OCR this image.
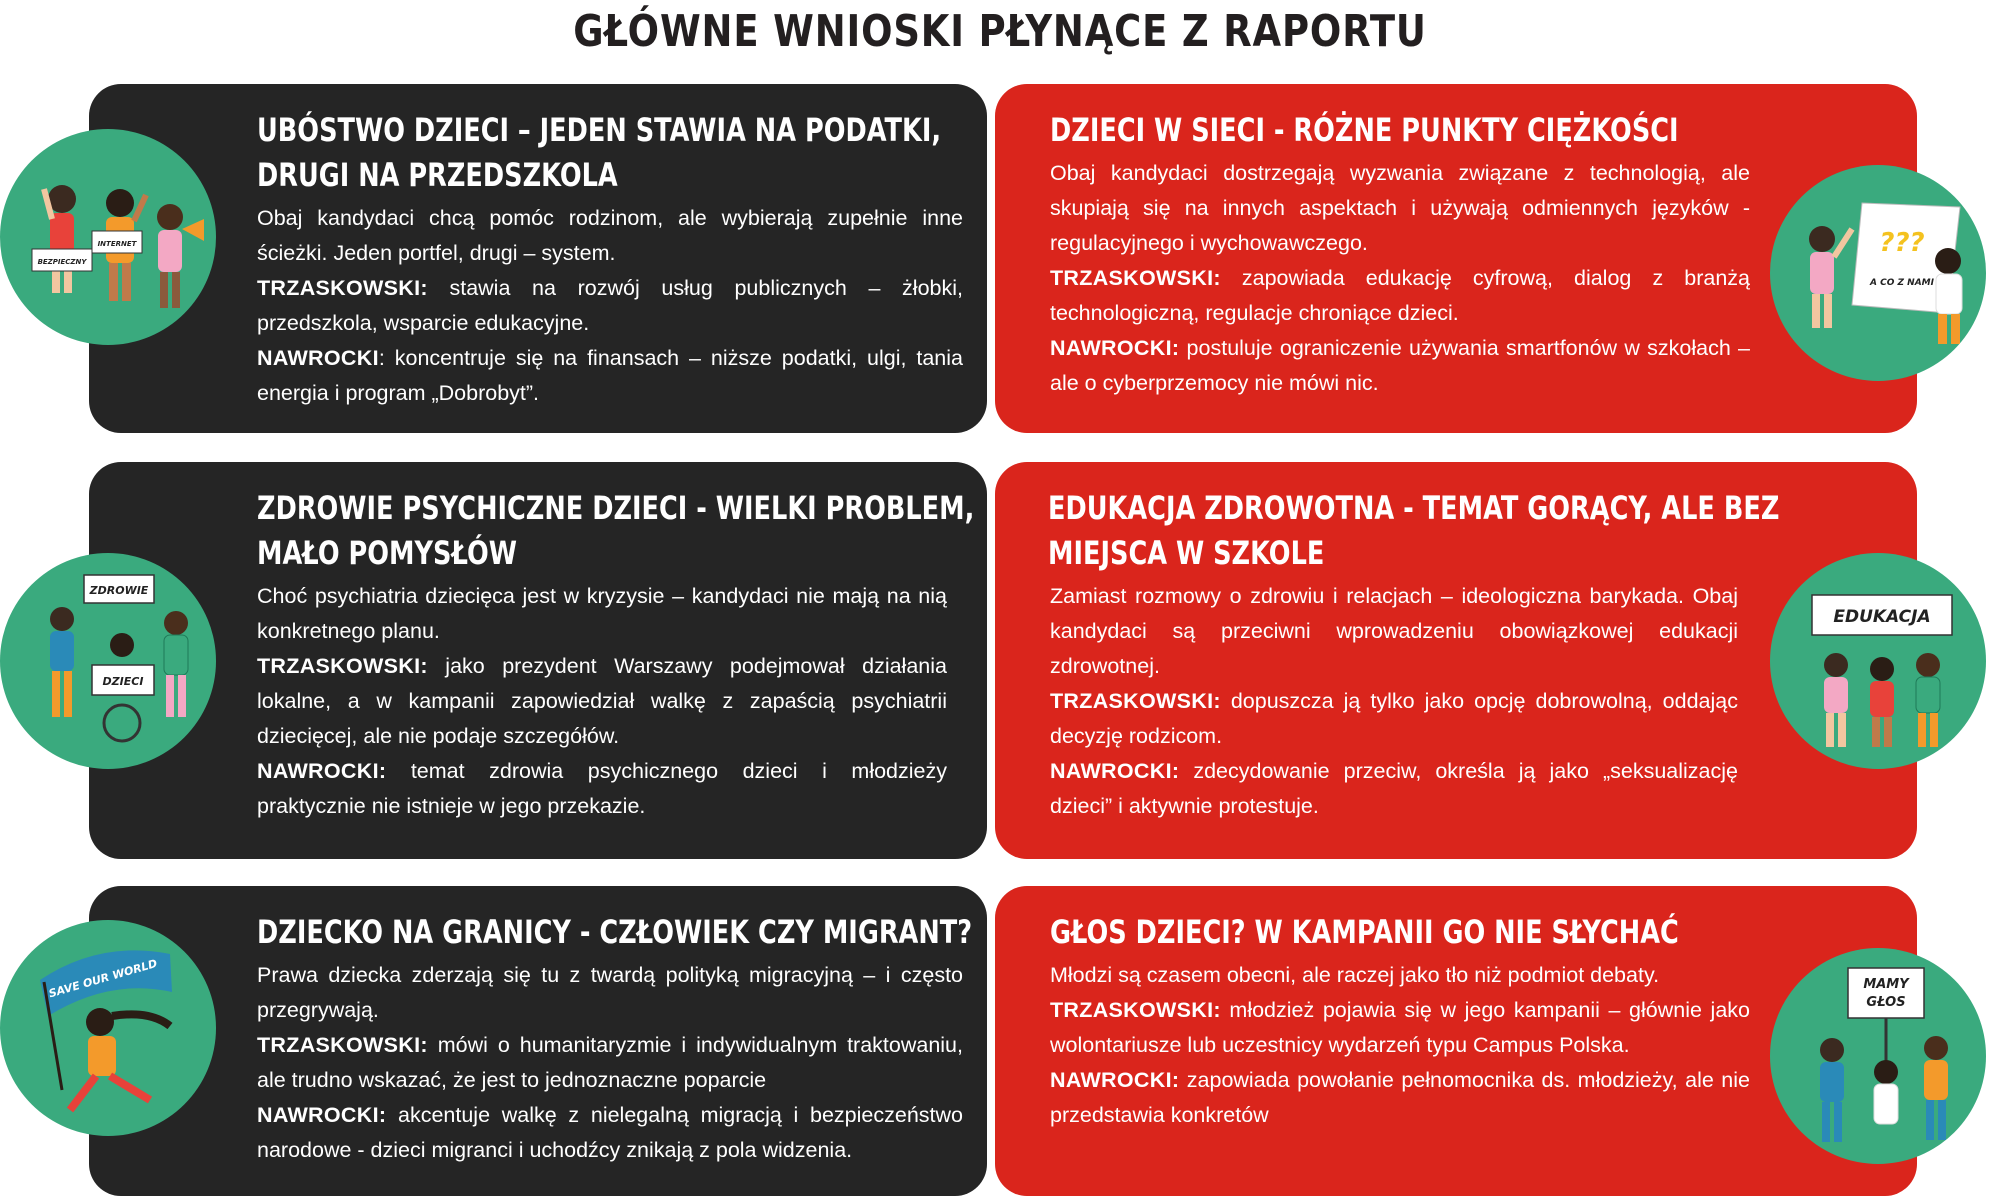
GŁÓWNE WNIOSKI PŁYNĄCE Z RAPORTU
UBÓSTWO DZIECI – JEDEN STAWIA NA PODATKI,
DRUGI NA PRZEDSZKOLA

Obaj kandydaci chcą pomóc rodzinom, ale wybierają zupełnie inne ścieżki. Jeden portfel, drugi – system.

TRZASKOWSKI: stawia na rozwój usług publicznych – żłobki, przedszkola, wsparcie edukacyjne.

NAWROCKI: koncentruje się na finansach – niższe podatki, ulgi, tania energia i program „Dobrobyt”.

DZIECI W SIECI - RÓŻNE PUNKTY CIĘŻKOŚCI

Obaj kandydaci dostrzegają wyzwania związane z technologią, ale skupiają się na innych aspektach i używają odmiennych języków - regulacyjnego i wychowawczego.

TRZASKOWSKI: zapowiada edukację cyfrową, dialog z branżą technologiczną, regulacje chroniące dzieci.

NAWROCKI: postuluje ograniczenie używania smartfonów w szkołach – ale o cyberprzemocy nie mówi nic.

ZDROWIE PSYCHICZNE DZIECI - WIELKI PROBLEM,
MAŁO POMYSŁÓW

Choć psychiatria dziecięca jest w kryzysie – kandydaci nie mają na nią konkretnego planu.

TRZASKOWSKI: jako prezydent Warszawy podejmował działania lokalne, a w kampanii zapowiedział walkę z zapaścią psychiatrii dziecięcej, ale nie podaje szczegółów.

NAWROCKI: temat zdrowia psychicznego dzieci i młodzieży praktycznie nie istnieje w jego przekazie.

EDUKACJA ZDROWOTNA - TEMAT GORĄCY, ALE BEZ
MIEJSCA W SZKOLE

Zamiast rozmowy o zdrowiu i relacjach – ideologiczna barykada. Obaj kandydaci są przeciwni wprowadzeniu obowiązkowej edukacji zdrowotnej.

TRZASKOWSKI: dopuszcza ją tylko jako opcję dobrowolną, oddając decyzję rodzicom.

NAWROCKI: zdecydowanie przeciw, określa ją jako „seksualizację dzieci” i aktywnie protestuje.

DZIECKO NA GRANICY - CZŁOWIEK CZY MIGRANT?

Prawa dziecka zderzają się tu z twardą polityką migracyjną – i często przegrywają.

TRZASKOWSKI: mówi o humanitaryzmie i indywidualnym traktowaniu, ale trudno wskazać, że jest to jednoznaczne poparcie

NAWROCKI: akcentuje walkę z nielegalną migracją i bezpieczeństwo narodowe - dzieci migranci i uchodźcy znikają z pola widzenia.

GŁOS DZIECI? W KAMPANII GO NIE SŁYCHAĆ

Młodzi są czasem obecni, ale raczej jako tło niż podmiot debaty.

TRZASKOWSKI: młodzież pojawia się w jego kampanii – głównie jako wolontariusze lub uczestnicy wydarzeń typu Campus Polska.

NAWROCKI: zapowiada powołanie pełnomocnika ds. młodzieży, ale nie przedstawia konkretów

BEZPIECZNY
INTERNET	???
A CO Z NAMI
ZDROWIE
DZIECI
EDUKACJA
SAVE OUR WORLD	MAMY
GŁOS
